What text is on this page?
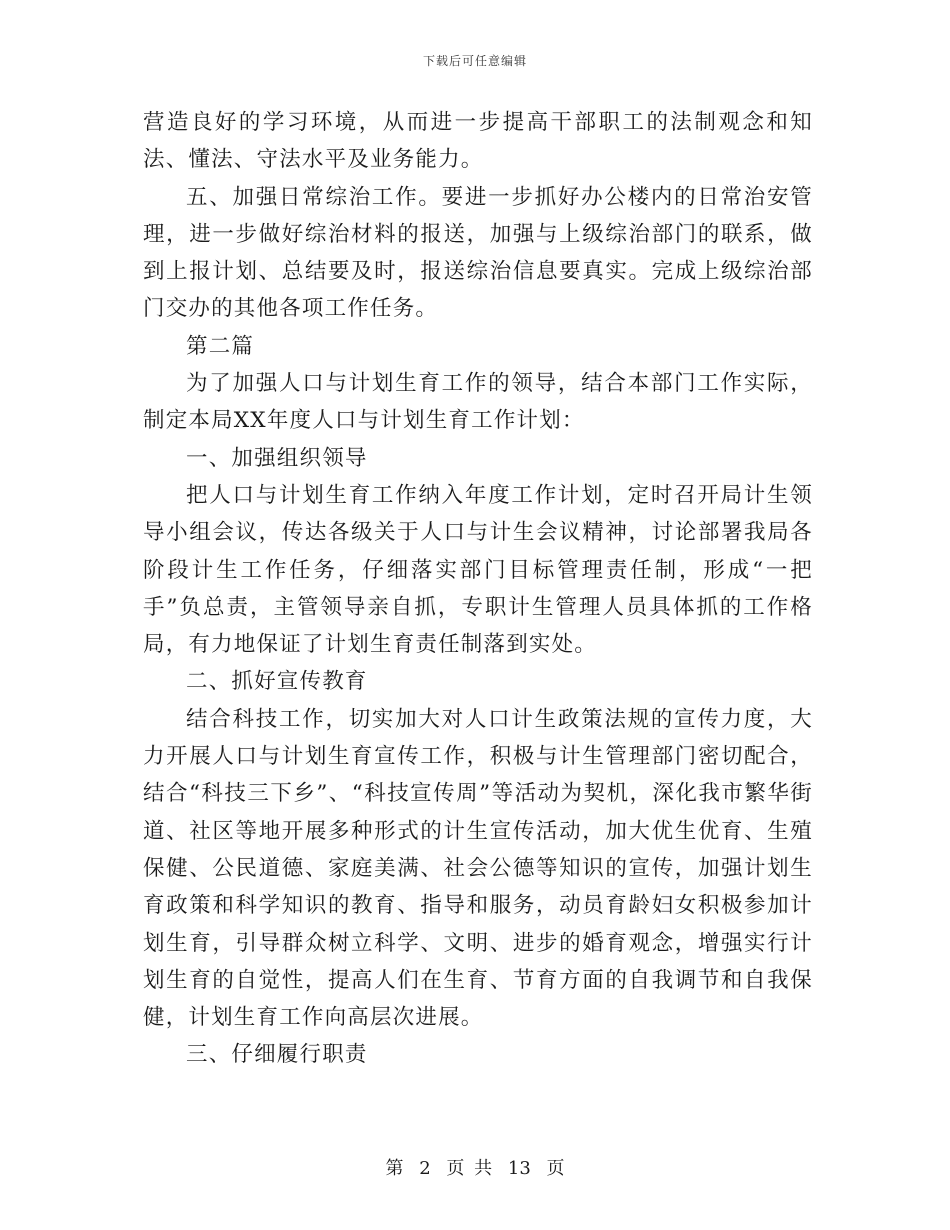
下载后可任意编辑

营造良好的学习环境，从而进一步提高干部职工的法制观念和知法、懂法、守法水平及业务能力。

五、加强日常综治工作。要进一步抓好办公楼内的日常治安管理，进一步做好综治材料的报送，加强与上级综治部门的联系，做到上报计划、总结要及时，报送综治信息要真实。完成上级综治部门交办的其他各项工作任务。

第二篇

为了加强人口与计划生育工作的领导，结合本部门工作实际，制定本局XX年度人口与计划生育工作计划：

一、加强组织领导

把人口与计划生育工作纳入年度工作计划，定时召开局计生领导小组会议，传达各级关于人口与计生会议精神，讨论部署我局各阶段计生工作任务，仔细落实部门目标管理责任制，形成“一把手”负总责，主管领导亲自抓，专职计生管理人员具体抓的工作格局，有力地保证了计划生育责任制落到实处。

二、抓好宣传教育

结合科技工作，切实加大对人口计生政策法规的宣传力度，大力开展人口与计划生育宣传工作，积极与计生管理部门密切配合，结合“科技三下乡”、“科技宣传周”等活动为契机，深化我市繁华街道、社区等地开展多种形式的计生宣传活动，加大优生优育、生殖保健、公民道德、家庭美满、社会公德等知识的宣传，加强计划生育政策和科学知识的教育、指导和服务，动员育龄妇女积极参加计划生育，引导群众树立科学、文明、进步的婚育观念，增强实行计划生育的自觉性，提高人们在生育、节育方面的自我调节和自我保健，计划生育工作向高层次进展。

三、仔细履行职责

第 2 页 共 13 页
